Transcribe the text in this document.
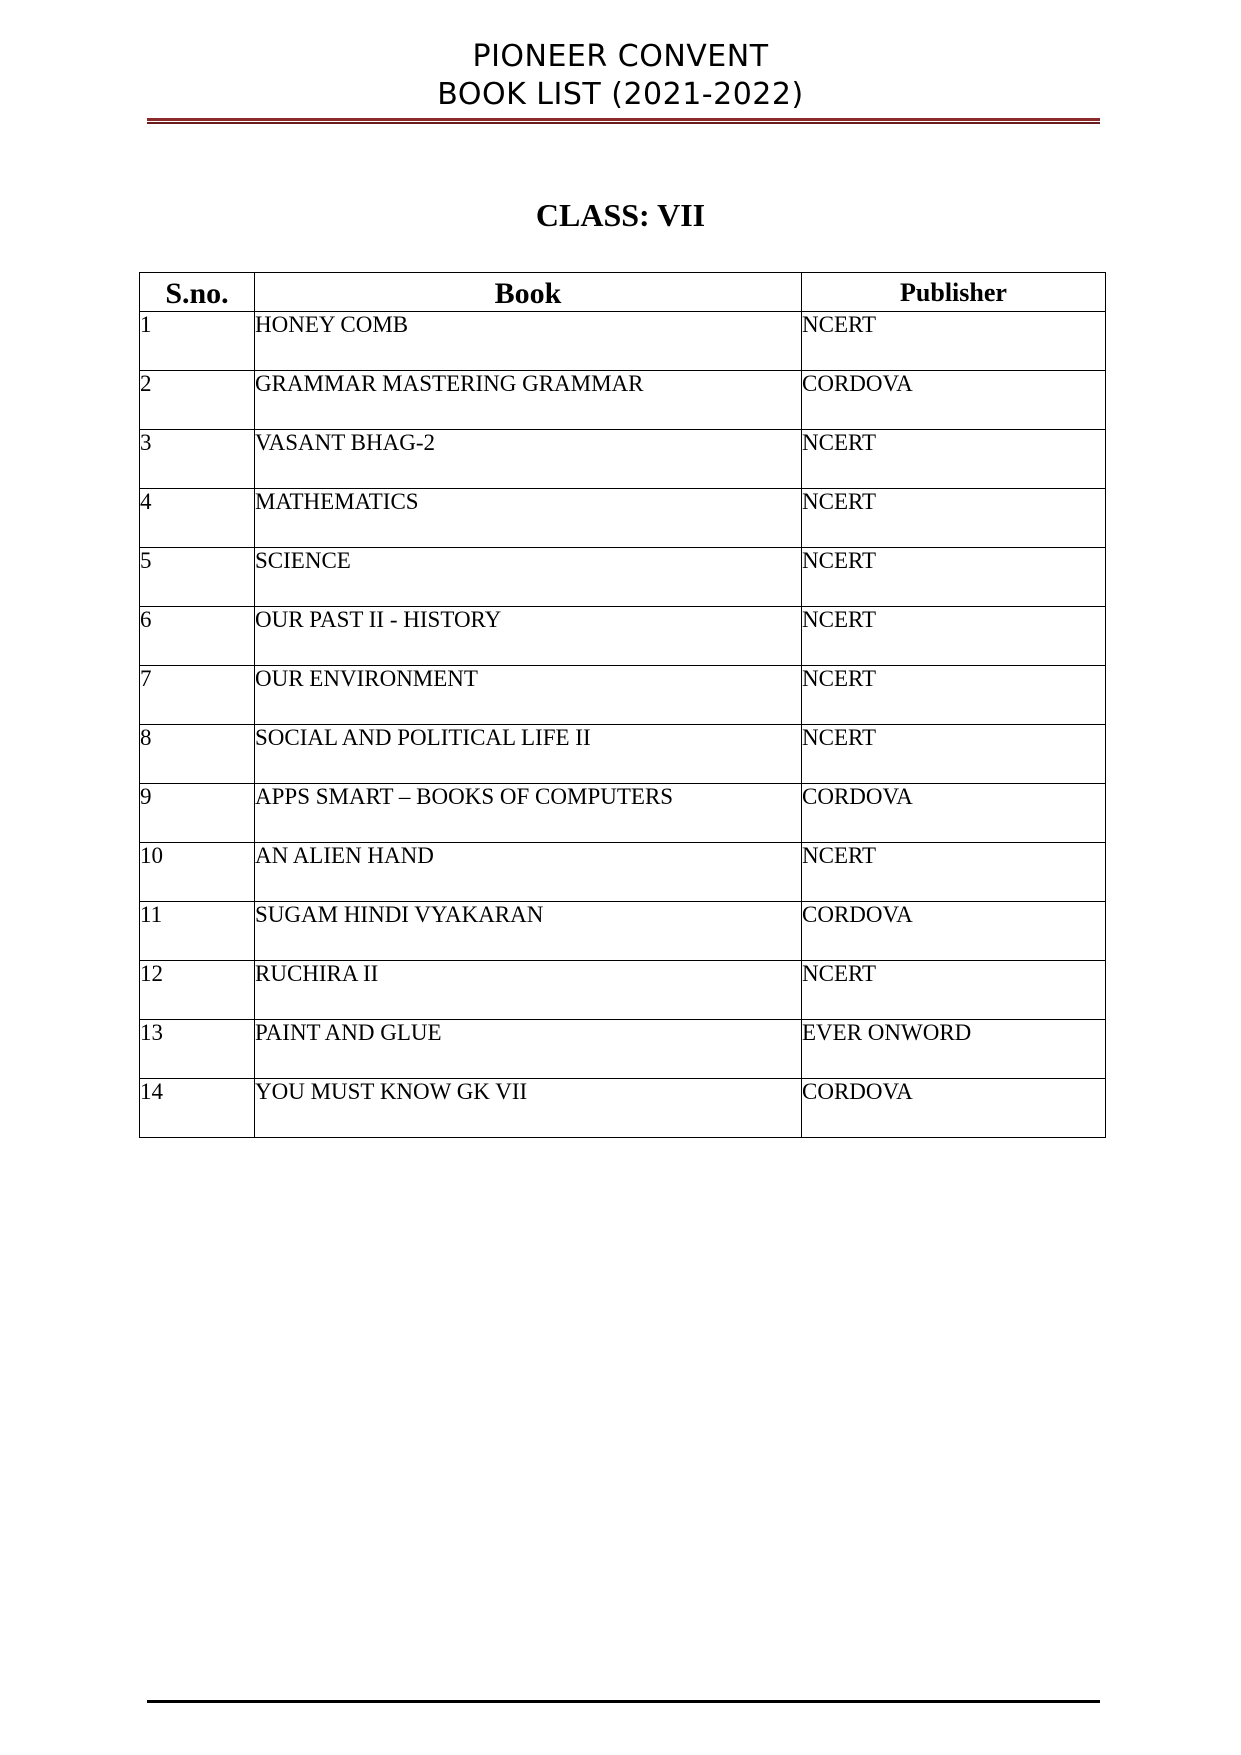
PIONEER CONVENT
BOOK LIST (2021-2022)
CLASS: VII
S.no.	Book	Publisher
1	HONEY COMB	NCERT
2	GRAMMAR MASTERING GRAMMAR	CORDOVA
3	VASANT BHAG-2	NCERT
4	MATHEMATICS	NCERT
5	SCIENCE	NCERT
6	OUR PAST II - HISTORY	NCERT
7	OUR ENVIRONMENT	NCERT
8	SOCIAL AND POLITICAL LIFE II	NCERT
9	APPS SMART – BOOKS OF COMPUTERS	CORDOVA
10	AN ALIEN HAND	NCERT
11	SUGAM HINDI VYAKARAN	CORDOVA
12	RUCHIRA II	NCERT
13	PAINT AND GLUE	EVER ONWORD
14	YOU MUST KNOW GK VII	CORDOVA
